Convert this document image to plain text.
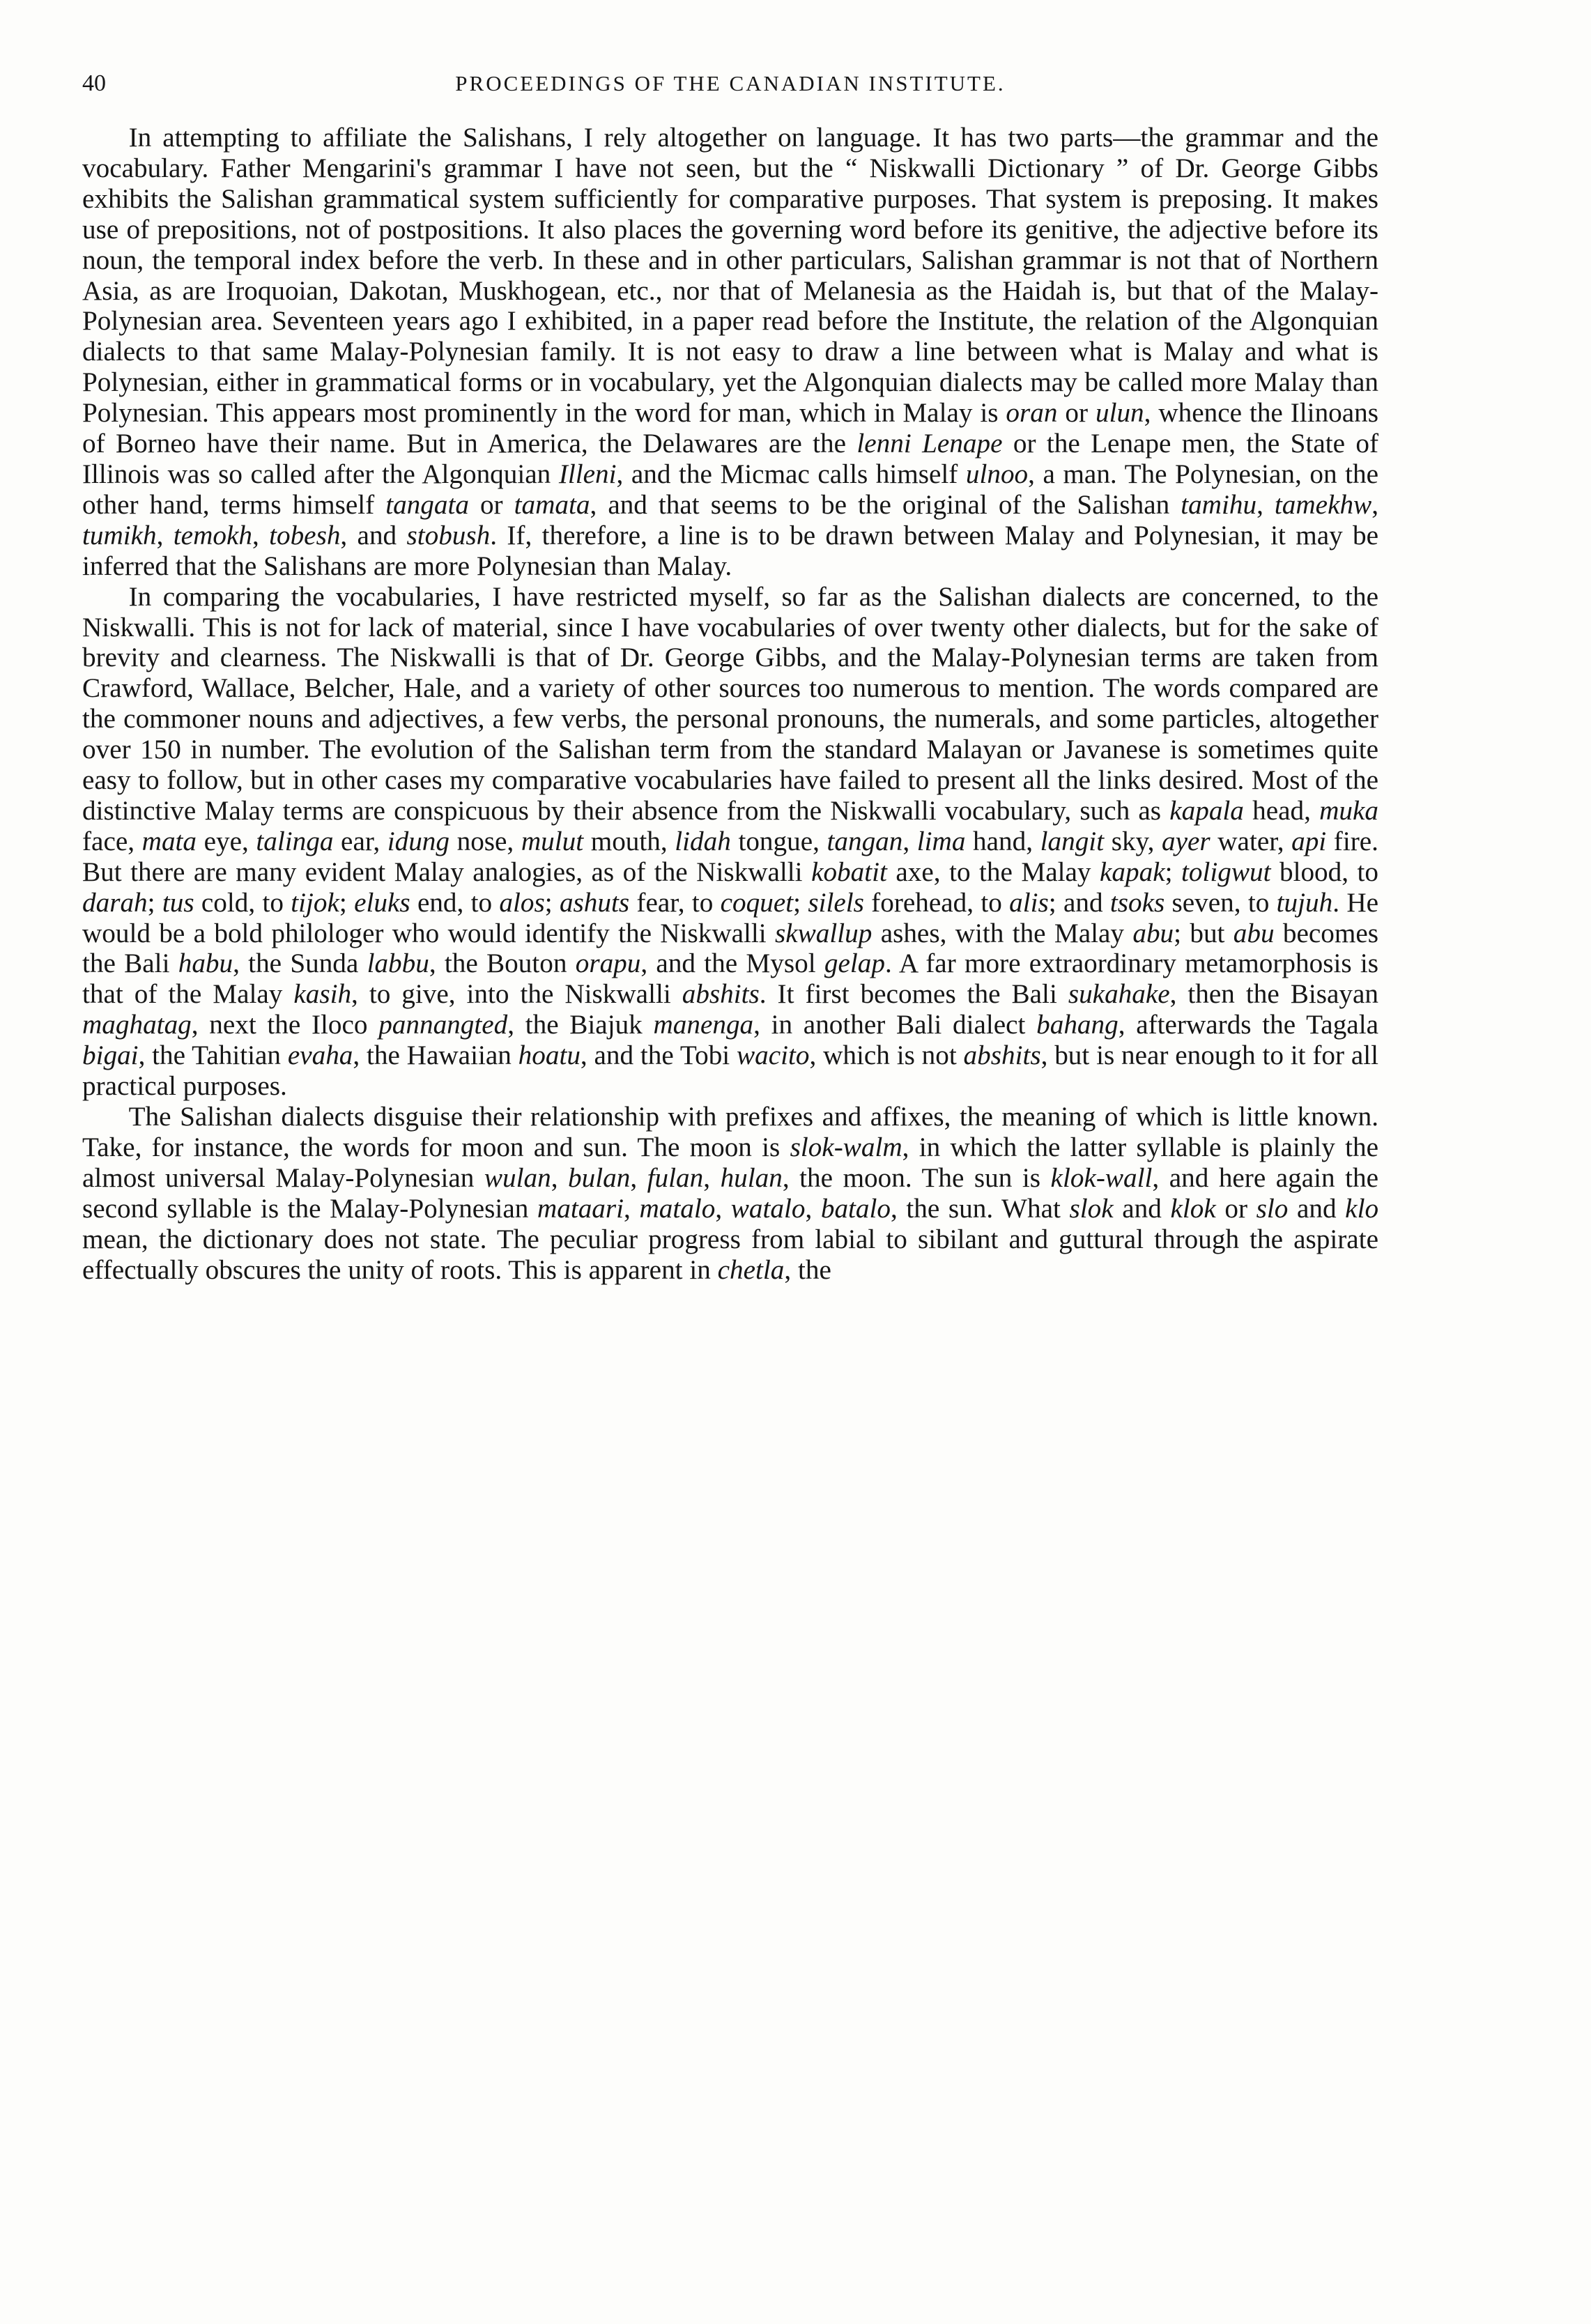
40	PROCEEDINGS OF THE CANADIAN INSTITUTE.

In attempting to affiliate the Salishans, I rely altogether on language. It has two parts—the grammar and the vocabulary. Father Mengarini's grammar I have not seen, but the “ Niskwalli Dictionary ” of Dr. George Gibbs exhibits the Salishan grammatical system sufficiently for comparative purposes. That system is preposing. It makes use of prepositions, not of postpositions. It also places the governing word before its genitive, the adjective before its noun, the temporal index before the verb. In these and in other particulars, Salishan grammar is not that of Northern Asia, as are Iroquoian, Dakotan, Muskhogean, etc., nor that of Melanesia as the Haidah is, but that of the Malay-Polynesian area. Seventeen years ago I exhibited, in a paper read before the Institute, the relation of the Algonquian dialects to that same Malay-Polynesian family. It is not easy to draw a line between what is Malay and what is Polynesian, either in grammatical forms or in vocabulary, yet the Algonquian dialects may be called more Malay than Polynesian. This appears most prominently in the word for man, which in Malay is oran or ulun, whence the Ilinoans of Borneo have their name. But in America, the Delawares are the lenni Lenape or the Lenape men, the State of Illinois was so called after the Algonquian Illeni, and the Micmac calls himself ulnoo, a man. The Polynesian, on the other hand, terms himself tangata or tamata, and that seems to be the original of the Salishan tamihu, tamekhw, tumikh, temokh, tobesh, and stobush. If, therefore, a line is to be drawn between Malay and Polynesian, it may be inferred that the Salishans are more Polynesian than Malay.

In comparing the vocabularies, I have restricted myself, so far as the Salishan dialects are concerned, to the Niskwalli. This is not for lack of material, since I have vocabularies of over twenty other dialects, but for the sake of brevity and clearness. The Niskwalli is that of Dr. George Gibbs, and the Malay-Polynesian terms are taken from Crawford, Wallace, Belcher, Hale, and a variety of other sources too numerous to mention. The words compared are the commoner nouns and adjectives, a few verbs, the personal pronouns, the numerals, and some particles, altogether over 150 in number. The evolution of the Salishan term from the standard Malayan or Javanese is sometimes quite easy to follow, but in other cases my comparative vocabularies have failed to present all the links desired. Most of the distinctive Malay terms are conspicuous by their absence from the Niskwalli vocabulary, such as kapala head, muka face, mata eye, talinga ear, idung nose, mulut mouth, lidah tongue, tangan, lima hand, langit sky, ayer water, api fire. But there are many evident Malay analogies, as of the Niskwalli kobatit axe, to the Malay kapak; toligwut blood, to darah; tus cold, to tijok; eluks end, to alos; ashuts fear, to coquet; silels forehead, to alis; and tsoks seven, to tujuh. He would be a bold philologer who would identify the Niskwalli skwallup ashes, with the Malay abu; but abu becomes the Bali habu, the Sunda labbu, the Bouton orapu, and the Mysol gelap. A far more extraordinary metamorphosis is that of the Malay kasih, to give, into the Niskwalli abshits. It first becomes the Bali sukahake, then the Bisayan maghatag, next the Iloco pannangted, the Biajuk manenga, in another Bali dialect bahang, afterwards the Tagala bigai, the Tahitian evaha, the Hawaiian hoatu, and the Tobi wacito, which is not abshits, but is near enough to it for all practical purposes.

The Salishan dialects disguise their relationship with prefixes and affixes, the meaning of which is little known. Take, for instance, the words for moon and sun. The moon is slok-walm, in which the latter syllable is plainly the almost universal Malay-Polynesian wulan, bulan, fulan, hulan, the moon. The sun is klok-wall, and here again the second syllable is the Malay-Polynesian mataari, matalo, watalo, batalo, the sun. What slok and klok or slo and klo mean, the dictionary does not state. The peculiar progress from labial to sibilant and guttural through the aspirate effectually obscures the unity of roots. This is apparent in chetla, the
